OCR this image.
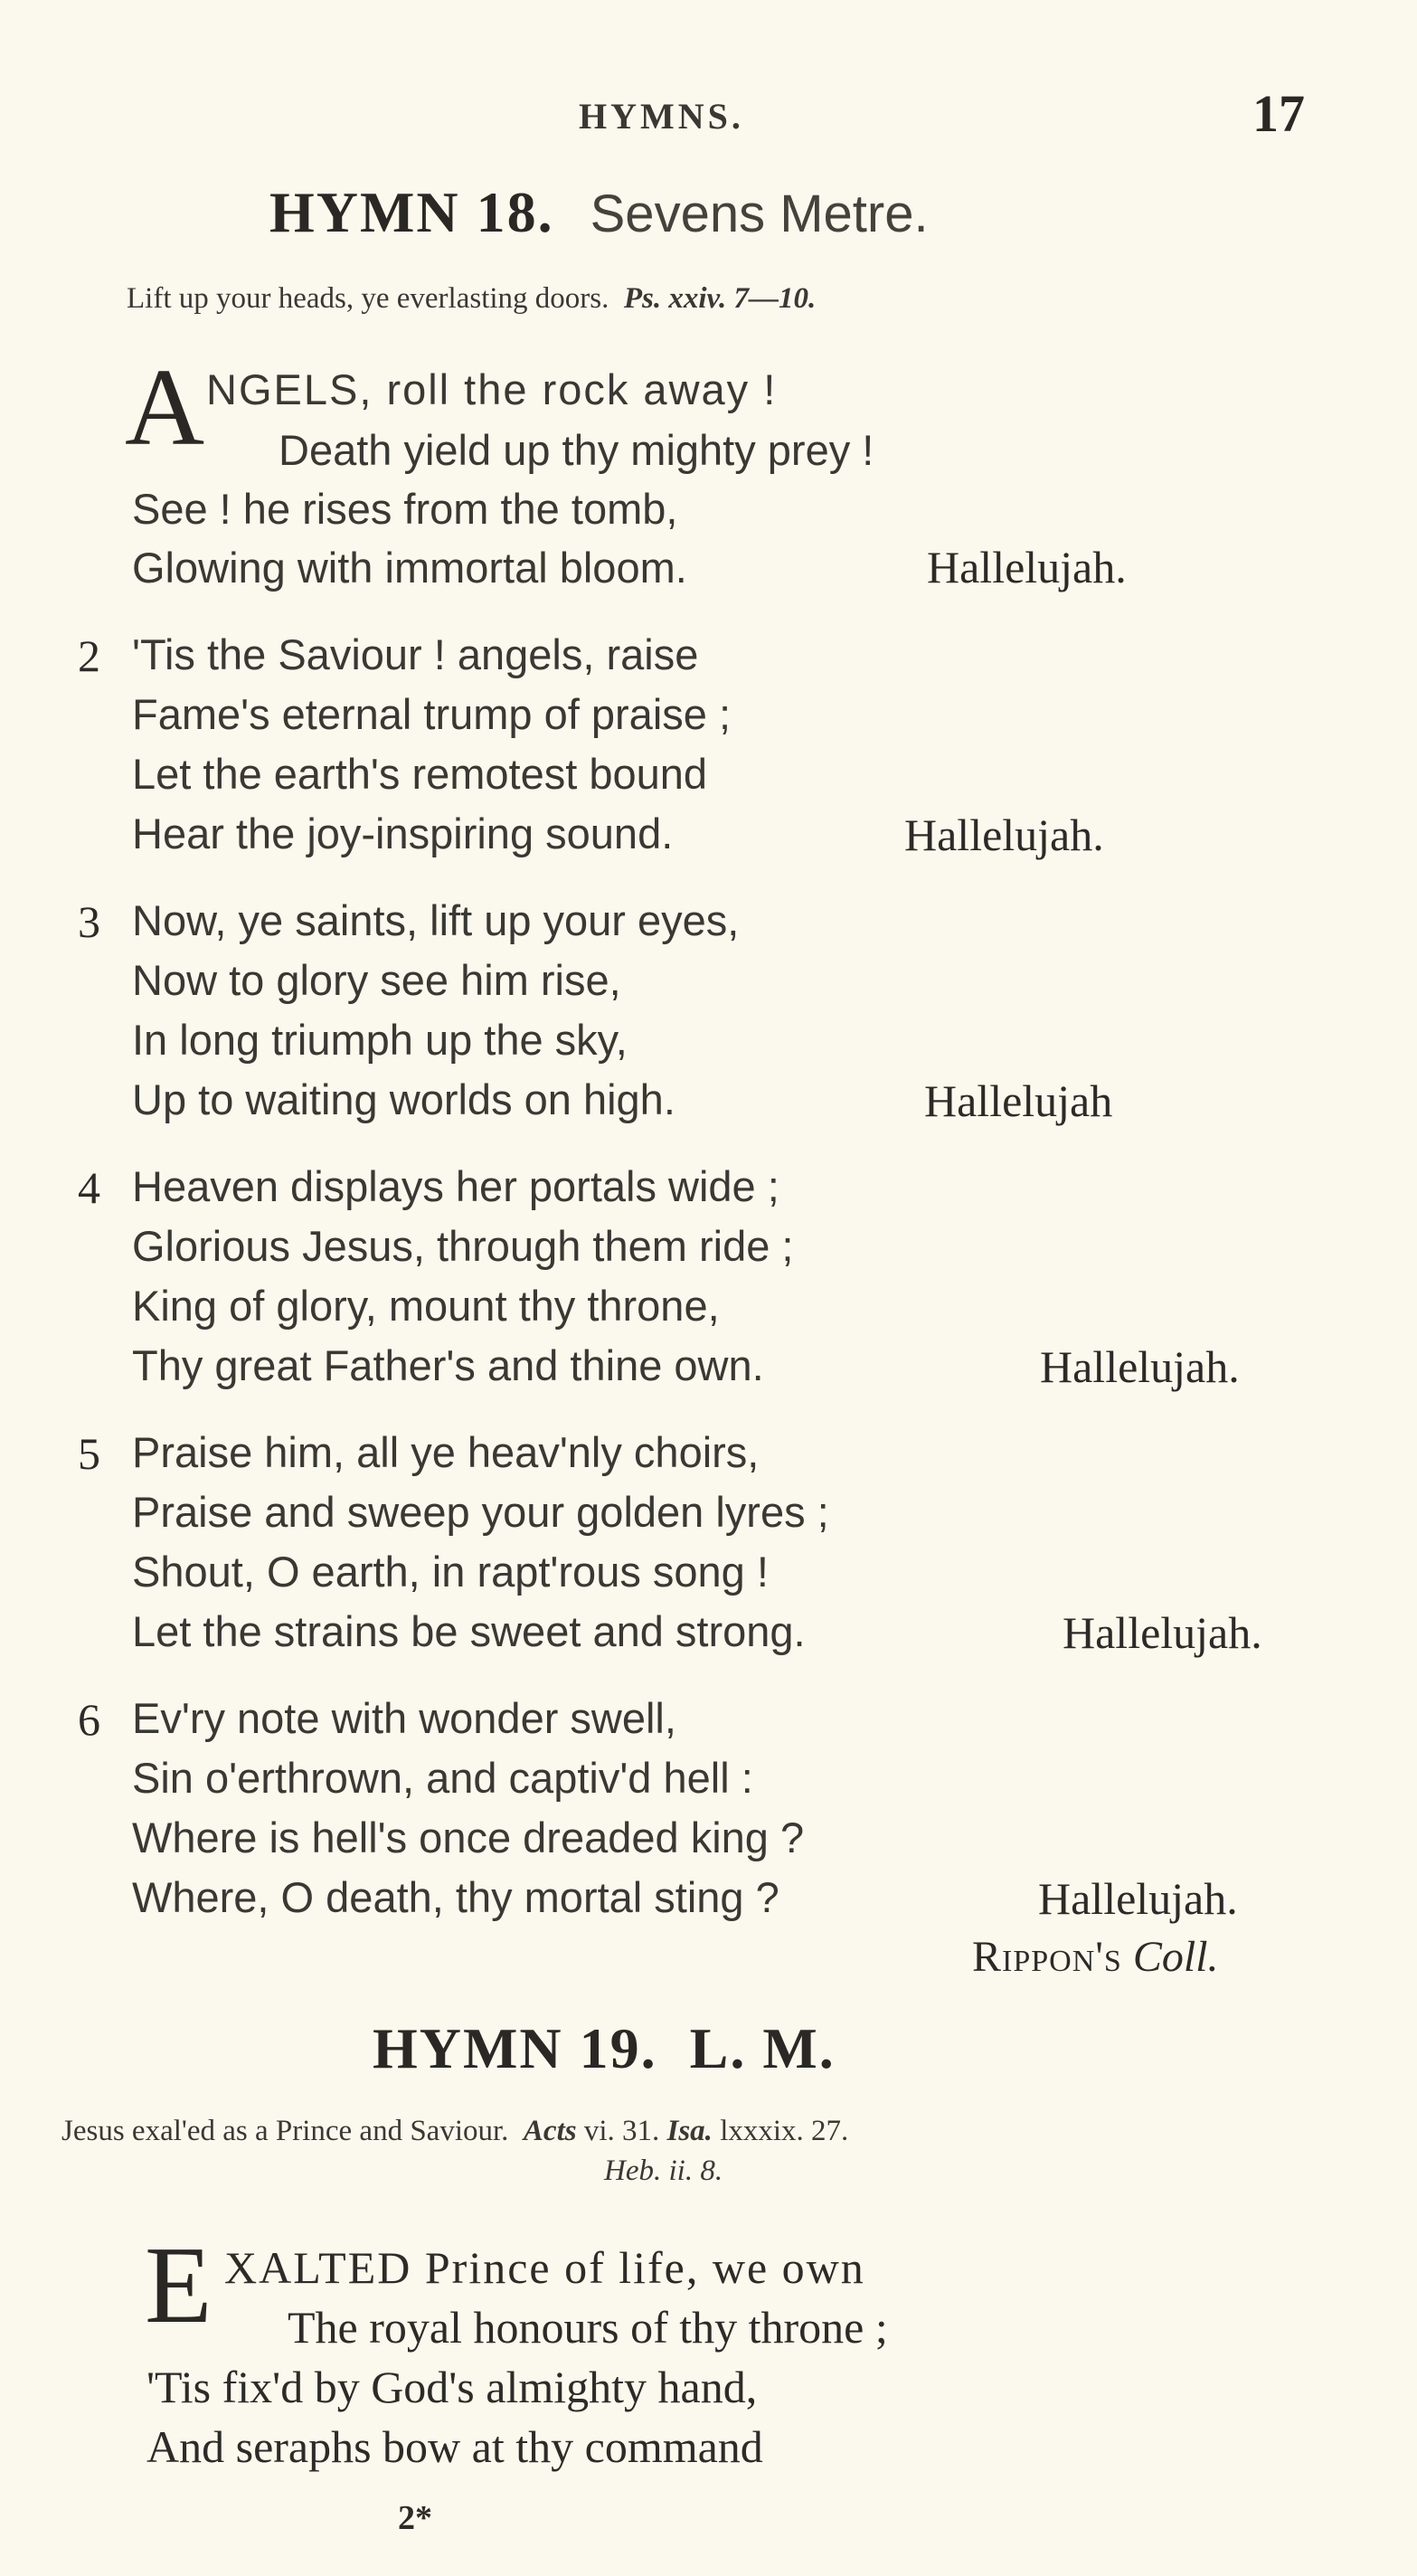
HYMNS.	17
HYMN 18. Sevens Metre.
Lift up your heads, ye everlasting doors. Ps. xxiv. 7—10.
A NGELS, roll the rock away !
Death yield up thy mighty prey !
See ! he rises from the tomb,
Glowing with immortal bloom.	Hallelujah.
2 'Tis the Saviour ! angels, raise
Fame's eternal trump of praise ;
Let the earth's remotest bound
Hear the joy-inspiring sound.	Hallelujah.
3 Now, ye saints, lift up your eyes,
Now to glory see him rise,
In long triumph up the sky,
Up to waiting worlds on high.	Hallelujah
4 Heaven displays her portals wide ;
Glorious Jesus, through them ride ;
King of glory, mount thy throne,
Thy great Father's and thine own.	Hallelujah.
5 Praise him, all ye heav'nly choirs,
Praise and sweep your golden lyres ;
Shout, O earth, in rapt'rous song !
Let the strains be sweet and strong.	Hallelujah.
6 Ev'ry note with wonder swell,
Sin o'erthrown, and captiv'd hell :
Where is hell's once dreaded king ?
Where, O death, thy mortal sting ?	Hallelujah.
Rippon's Coll.
HYMN 19. L. M.
Jesus exal'ed as a Prince and Saviour. Acts vi. 31. Isa. lxxxix. 27.
Heb. ii. 8.
E XALTED Prince of life, we own
The royal honours of thy throne ;
'Tis fix'd by God's almighty hand,
And seraphs bow at thy command
2*
